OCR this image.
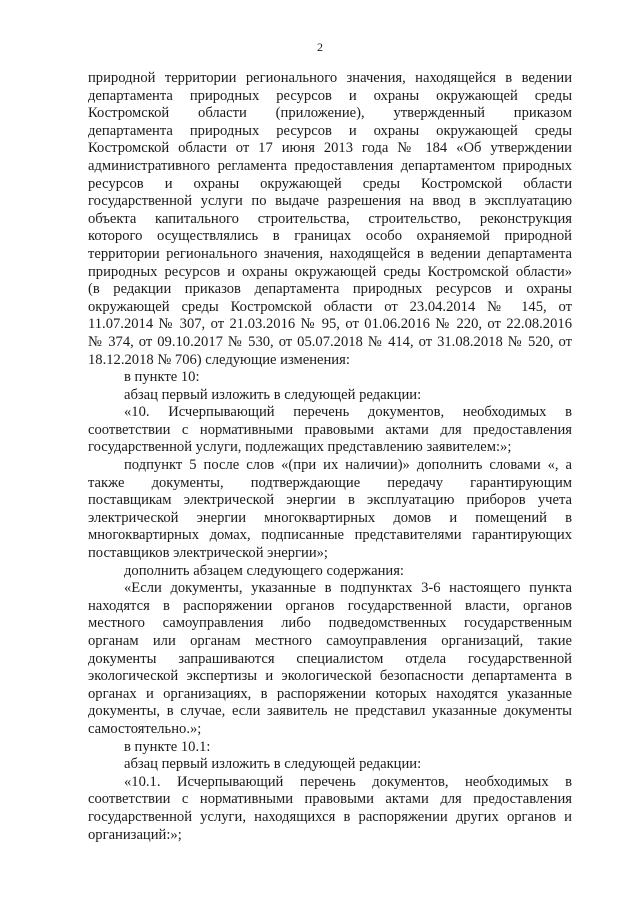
2

природной территории регионального значения, находящейся в ведении

департамента природных ресурсов и охраны окружающей среды

Костромской области (приложение), утвержденный приказом

департамента природных ресурсов и охраны окружающей среды

Костромской области от 17 июня 2013 года № 184 «Об утверждении

административного регламента предоставления департаментом природных

ресурсов и охраны окружающей среды Костромской области

государственной услуги по выдаче разрешения на ввод в эксплуатацию

объекта капитального строительства, строительство, реконструкция

которого осуществлялись в границах особо охраняемой природной

территории регионального значения, находящейся в ведении департамента

природных ресурсов и охраны окружающей среды Костромской области»

(в редакции приказов департамента природных ресурсов и охраны

окружающей среды Костромской области от 23.04.2014 № 145, от

11.07.2014 № 307, от 21.03.2016 № 95, от 01.06.2016 № 220, от 22.08.2016

№ 374, от 09.10.2017 № 530, от 05.07.2018 № 414, от 31.08.2018 № 520, от

18.12.2018 № 706) следующие изменения:

в пункте 10:

абзац первый изложить в следующей редакции:

«10. Исчерпывающий перечень документов, необходимых в

соответствии с нормативными правовыми актами для предоставления

государственной услуги, подлежащих представлению заявителем:»;

подпункт 5 после слов «(при их наличии)» дополнить словами «, а

также документы, подтверждающие передачу гарантирующим

поставщикам электрической энергии в эксплуатацию приборов учета

электрической энергии многоквартирных домов и помещений в

многоквартирных домах, подписанные представителями гарантирующих

поставщиков электрической энергии»;

дополнить абзацем следующего содержания:

«Если документы, указанные в подпунктах 3-6 настоящего пункта

находятся в распоряжении органов государственной власти, органов

местного самоуправления либо подведомственных государственным

органам или органам местного самоуправления организаций, такие

документы запрашиваются специалистом отдела государственной

экологической экспертизы и экологической безопасности департамента в

органах и организациях, в распоряжении которых находятся указанные

документы, в случае, если заявитель не представил указанные документы

самостоятельно.»;

в пункте 10.1:

абзац первый изложить в следующей редакции:

«10.1. Исчерпывающий перечень документов, необходимых в

соответствии с нормативными правовыми актами для предоставления

государственной услуги, находящихся в распоряжении других органов и

организаций:»;
